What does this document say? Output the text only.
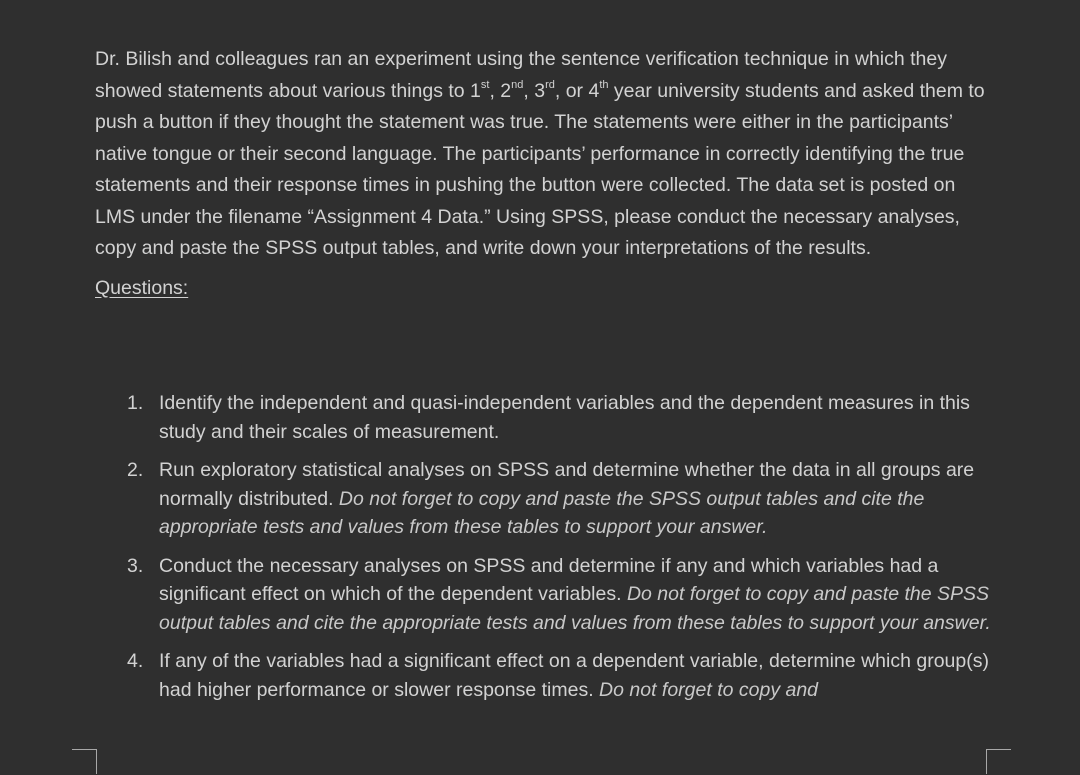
Dr. Bilish and colleagues ran an experiment using the sentence verification technique in which they showed statements about various things to 1st, 2nd, 3rd, or 4th year university students and asked them to push a button if they thought the statement was true. The statements were either in the participants’ native tongue or their second language. The participants’ performance in correctly identifying the true statements and their response times in pushing the button were collected. The data set is posted on LMS under the filename “Assignment 4 Data.” Using SPSS, please conduct the necessary analyses, copy and paste the SPSS output tables, and write down your interpretations of the results.

Questions:
1. Identify the independent and quasi-independent variables and the dependent measures in this study and their scales of measurement.
2. Run exploratory statistical analyses on SPSS and determine whether the data in all groups are normally distributed. Do not forget to copy and paste the SPSS output tables and cite the appropriate tests and values from these tables to support your answer.
3. Conduct the necessary analyses on SPSS and determine if any and which variables had a significant effect on which of the dependent variables. Do not forget to copy and paste the SPSS output tables and cite the appropriate tests and values from these tables to support your answer.
4. If any of the variables had a significant effect on a dependent variable, determine which group(s) had higher performance or slower response times. Do not forget to copy and
